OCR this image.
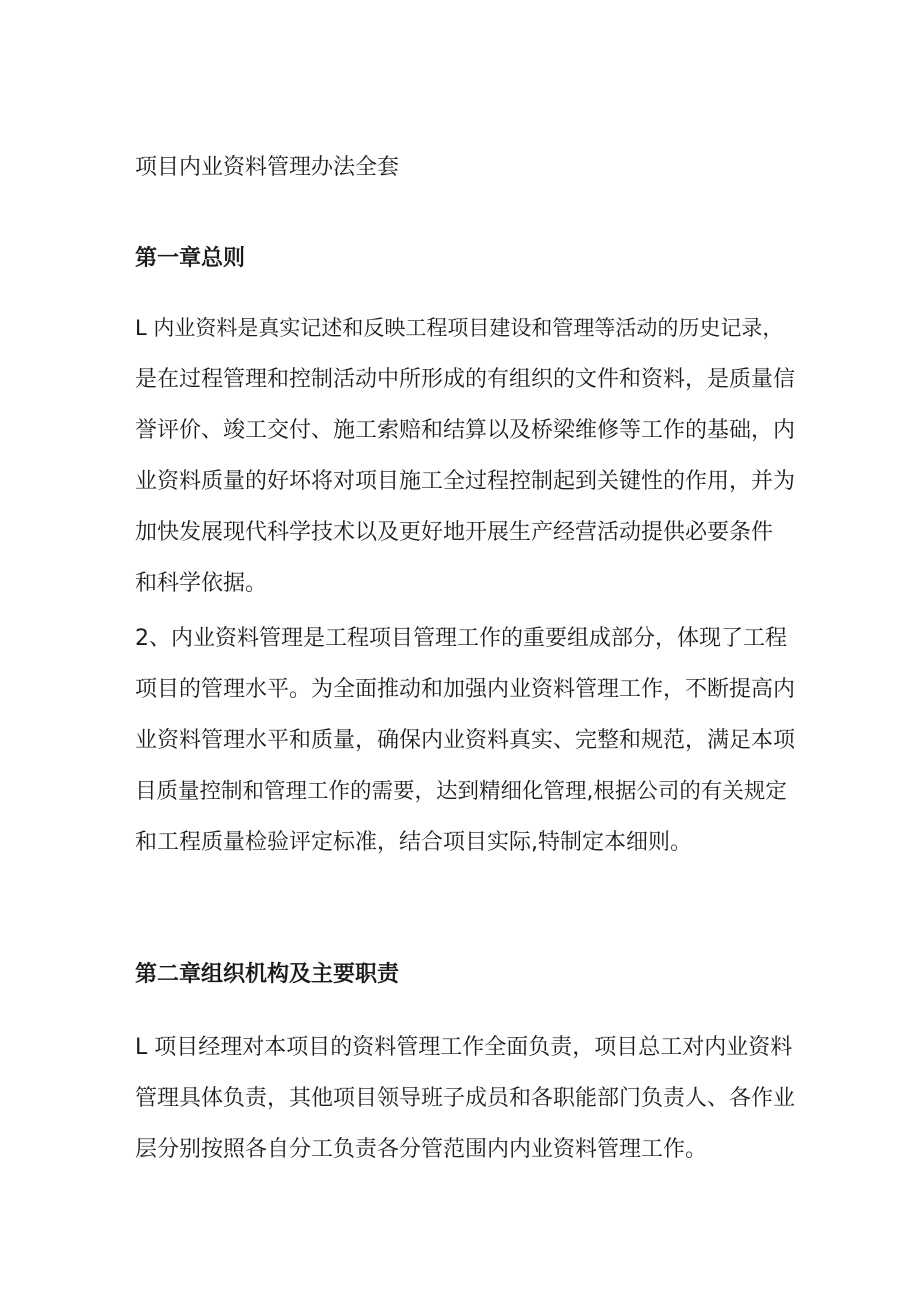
项目内业资料管理办法全套
第一章总则

L 内业资料是真实记述和反映工程项目建设和管理等活动的历史记录，
是在过程管理和控制活动中所形成的有组织的文件和资料，是质量信
誉评价、竣工交付、施工索赔和结算以及桥梁维修等工作的基础，内
业资料质量的好坏将对项目施工全过程控制起到关键性的作用，并为
加快发展现代科学技术以及更好地开展生产经营活动提供必要条件
和科学依据。

2、内业资料管理是工程项目管理工作的重要组成部分，体现了工程
项目的管理水平。为全面推动和加强内业资料管理工作，不断提高内
业资料管理水平和质量，确保内业资料真实、完整和规范，满足本项
目质量控制和管理工作的需要，达到精细化管理,根据公司的有关规定
和工程质量检验评定标准，结合项目实际,特制定本细则。

第二章组织机构及主要职责

L 项目经理对本项目的资料管理工作全面负责，项目总工对内业资料
管理具体负责，其他项目领导班子成员和各职能部门负责人、各作业
层分别按照各自分工负责各分管范围内内业资料管理工作。
